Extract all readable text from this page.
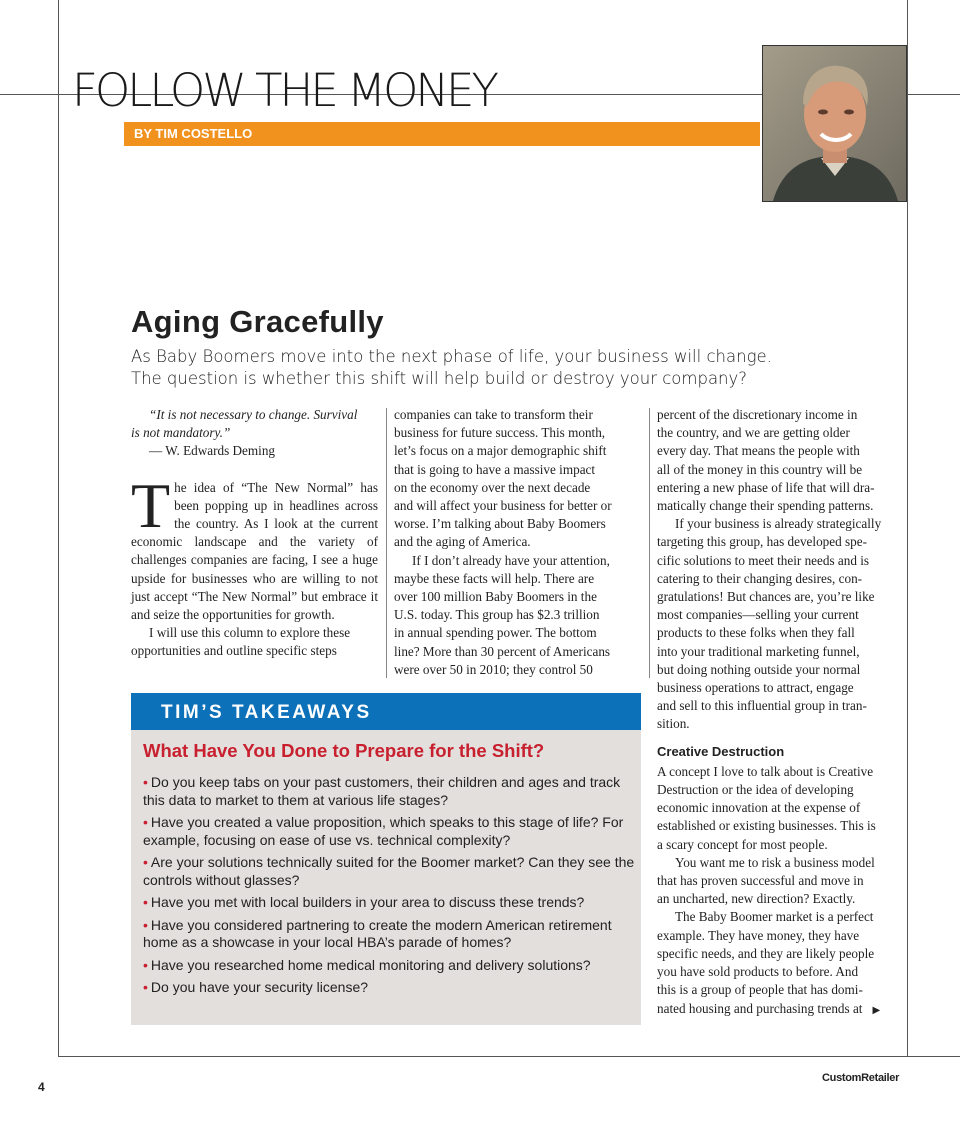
FOLLOW THE MONEY
BY TIM COSTELLO
Aging Gracefully
As Baby Boomers move into the next phase of life, your business will change.
The question is whether this shift will help build or destroy your company?
“It is not necessary to change. Survival
is not mandatory.”
— W. Edwards Deming
T he idea of “The New Normal” has been popping up in headlines across the country. As I look at the current economic landscape and the variety of challenges companies are facing, I see a huge upside for businesses who are willing to not just accept “The New Normal” but embrace it and seize the opportunities for growth.
I will use this column to explore these
opportunities and outline specific steps
companies can take to transform their
business for future success. This month,
let’s focus on a major demographic shift
that is going to have a massive impact
on the economy over the next decade
and will affect your business for better or
worse. I’m talking about Baby Boomers
and the aging of America.
If I don’t already have your attention,
maybe these facts will help. There are
over 100 million Baby Boomers in the
U.S. today. This group has $2.3 trillion
in annual spending power. The bottom
line? More than 30 percent of Americans
were over 50 in 2010; they control 50
percent of the discretionary income in
the country, and we are getting older
every day. That means the people with
all of the money in this country will be
entering a new phase of life that will dra-
matically change their spending patterns.
If your business is already strategically
targeting this group, has developed spe-
cific solutions to meet their needs and is
catering to their changing desires, con-
gratulations! But chances are, you’re like
most companies—selling your current
products to these folks when they fall
into your traditional marketing funnel,
but doing nothing outside your normal
business operations to attract, engage
and sell to this influential group in tran-
sition.
Creative Destruction
A concept I love to talk about is Creative
Destruction or the idea of developing
economic innovation at the expense of
established or existing businesses. This is
a scary concept for most people.
You want me to risk a business model
that has proven successful and move in
an uncharted, new direction? Exactly.
The Baby Boomer market is a perfect
example. They have money, they have
specific needs, and they are likely people
you have sold products to before. And
this is a group of people that has domi-
nated housing and purchasing trends at ▶
TIM’S TAKEAWAYS
What Have You Done to Prepare for the Shift?
• Do you keep tabs on your past customers, their children and ages and track this data to market to them at various life stages?
• Have you created a value proposition, which speaks to this stage of life? For example, focusing on ease of use vs. technical complexity?
• Are your solutions technically suited for the Boomer market? Can they see the controls without glasses?
• Have you met with local builders in your area to discuss these trends?
• Have you considered partnering to create the modern American retirement home as a showcase in your local HBA’s parade of homes?
• Have you researched home medical monitoring and delivery solutions?
• Do you have your security license?
4
CustomRetailer
